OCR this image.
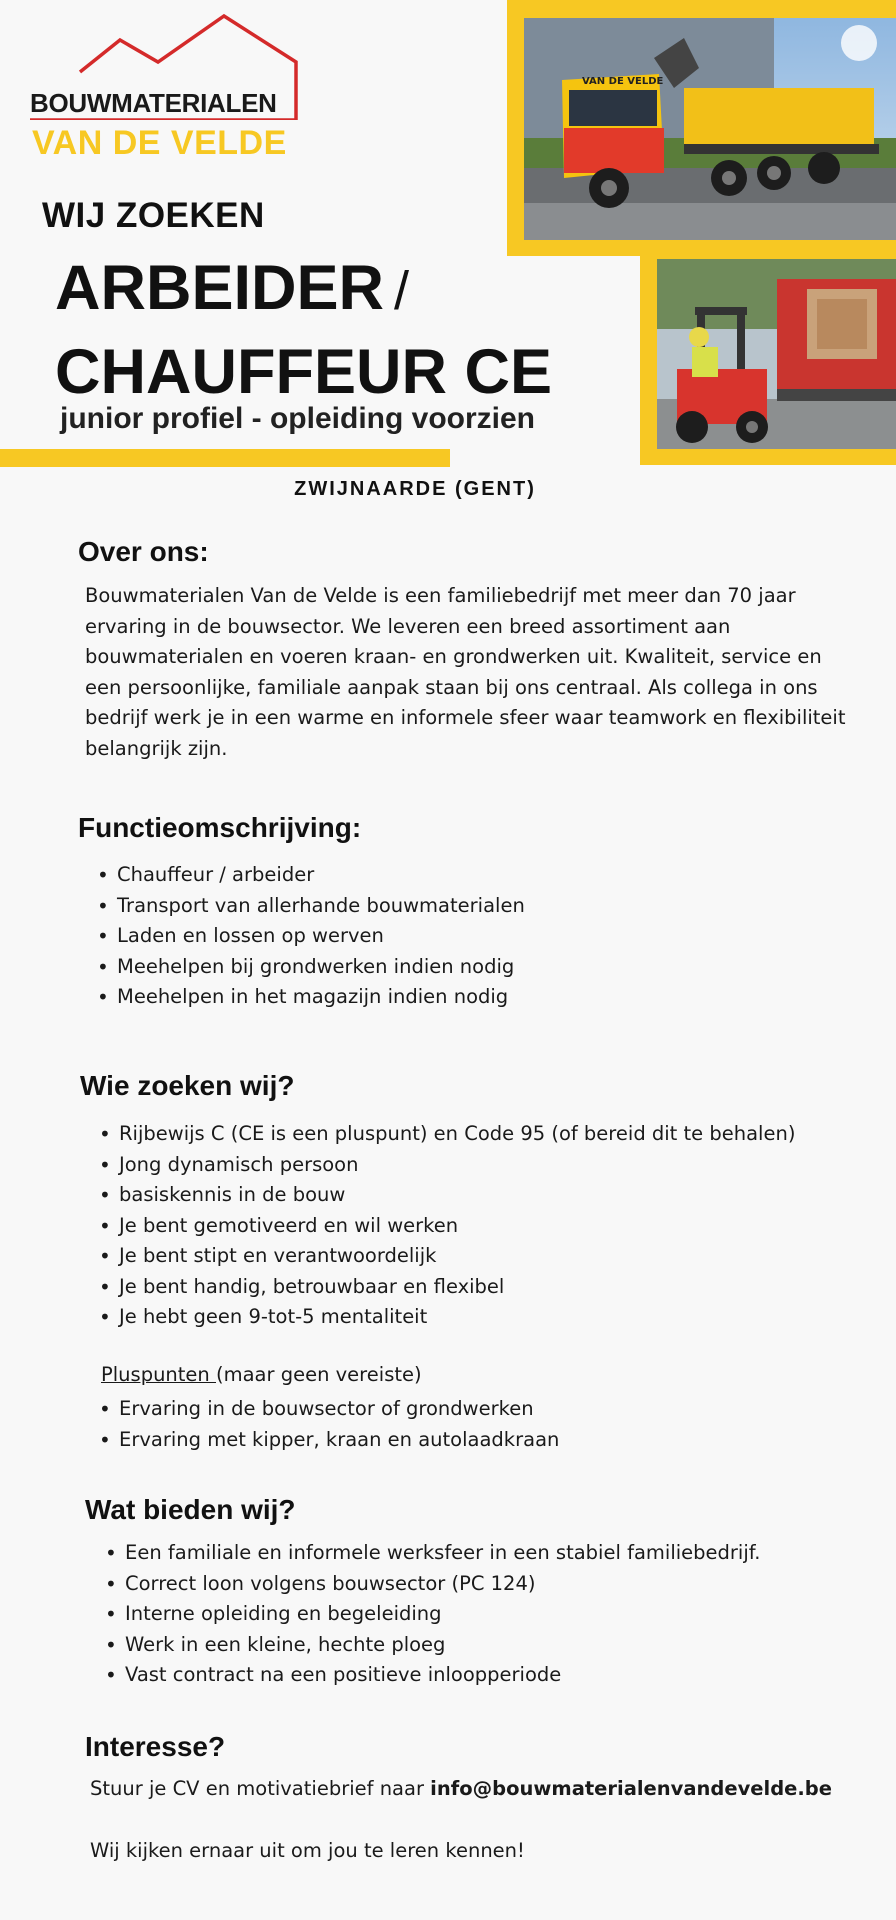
BOUWMATERIALEN
VAN DE VELDE
VAN DE VELDE
WIJ ZOEKEN
ARBEIDER /
CHAUFFEUR CE
junior profiel - opleiding voorzien
ZWIJNAARDE (GENT)
Over ons:
Bouwmaterialen Van de Velde is een familiebedrijf met meer dan 70 jaar
ervaring in de bouwsector. We leveren een breed assortiment aan
bouwmaterialen en voeren kraan- en grondwerken uit. Kwaliteit, service en
een persoonlijke, familiale aanpak staan bij ons centraal. Als collega in ons
bedrijf werk je in een warme en informele sfeer waar teamwork en flexibiliteit
belangrijk zijn.
Functieomschrijving:
• Chauffeur / arbeider
• Transport van allerhande bouwmaterialen
• Laden en lossen op werven
• Meehelpen bij grondwerken indien nodig
• Meehelpen in het magazijn indien nodig
Wie zoeken wij?
• Rijbewijs C (CE is een pluspunt) en Code 95 (of bereid dit te behalen)
• Jong dynamisch persoon
• basiskennis in de bouw
• Je bent gemotiveerd en wil werken
• Je bent stipt en verantwoordelijk
• Je bent handig, betrouwbaar en flexibel
• Je hebt geen 9-tot-5 mentaliteit
Pluspunten (maar geen vereiste)
• Ervaring in de bouwsector of grondwerken
• Ervaring met kipper, kraan en autolaadkraan
Wat bieden wij?
• Een familiale en informele werksfeer in een stabiel familiebedrijf.
• Correct loon volgens bouwsector (PC 124)
• Interne opleiding en begeleiding
• Werk in een kleine, hechte ploeg
• Vast contract na een positieve inloopperiode
Interesse?
Stuur je CV en motivatiebrief naar info@bouwmaterialenvandevelde.be
Wij kijken ernaar uit om jou te leren kennen!
